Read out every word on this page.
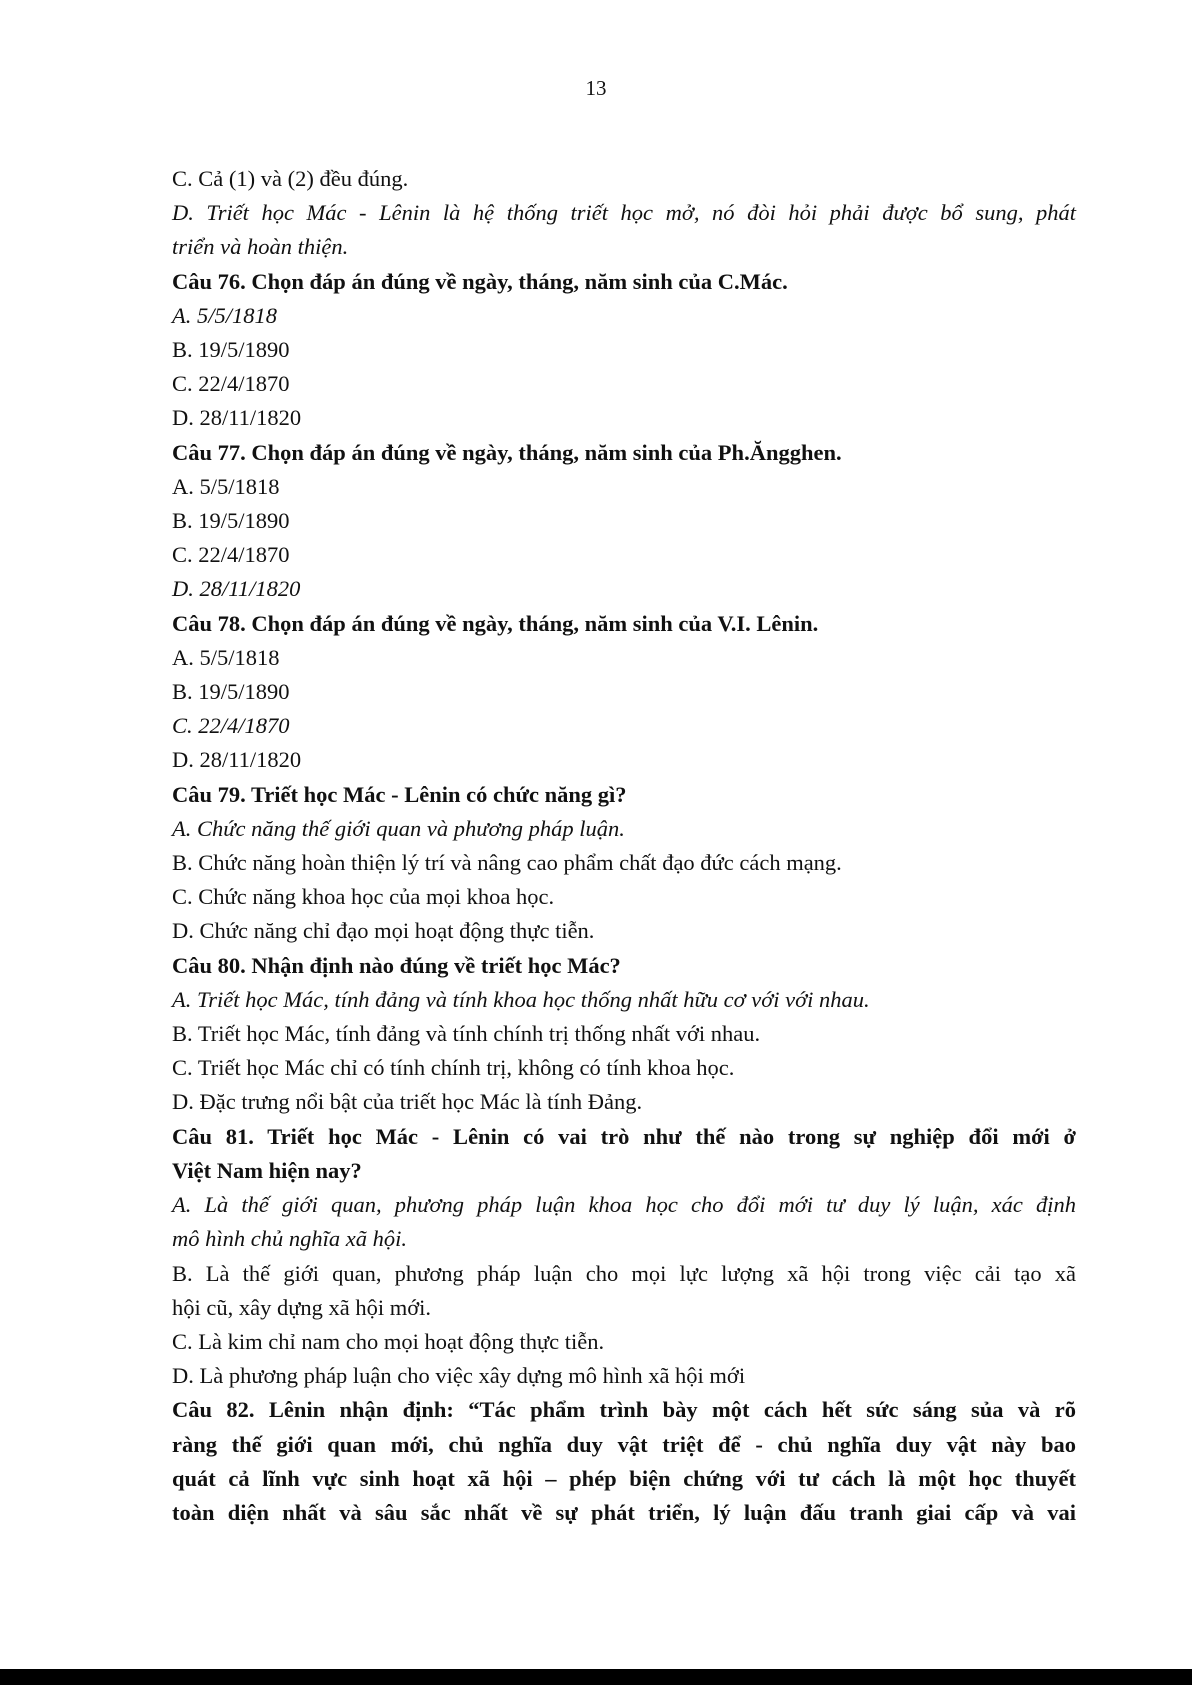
13
C. Cả (1) và (2) đều đúng.
D. Triết học Mác - Lênin là hệ thống triết học mở, nó đòi hỏi phải được bổ sung, phát
triển và hoàn thiện.
Câu 76. Chọn đáp án đúng về ngày, tháng, năm sinh của C.Mác.
A. 5/5/1818
B. 19/5/1890
C. 22/4/1870
D. 28/11/1820
Câu 77. Chọn đáp án đúng về ngày, tháng, năm sinh của Ph.Ăngghen.
A. 5/5/1818
B. 19/5/1890
C. 22/4/1870
D. 28/11/1820
Câu 78. Chọn đáp án đúng về ngày, tháng, năm sinh của V.I. Lênin.
A. 5/5/1818
B. 19/5/1890
C. 22/4/1870
D. 28/11/1820
Câu 79. Triết học Mác - Lênin có chức năng gì?
A. Chức năng thế giới quan và phương pháp luận.
B. Chức năng hoàn thiện lý trí và nâng cao phẩm chất đạo đức cách mạng.
C. Chức năng khoa học của mọi khoa học.
D. Chức năng chỉ đạo mọi hoạt động thực tiễn.
Câu 80. Nhận định nào đúng về triết học Mác?
A. Triết học Mác, tính đảng và tính khoa học thống nhất hữu cơ với với nhau.
B. Triết học Mác, tính đảng và tính chính trị thống nhất với nhau.
C. Triết học Mác chỉ có tính chính trị, không có tính khoa học.
D. Đặc trưng nổi bật của triết học Mác là tính Đảng.
Câu 81. Triết học Mác - Lênin có vai trò như thế nào trong sự nghiệp đổi mới ở
Việt Nam hiện nay?
A. Là thế giới quan, phương pháp luận khoa học cho đổi mới tư duy lý luận, xác định
mô hình chủ nghĩa xã hội.
B. Là thế giới quan, phương pháp luận cho mọi lực lượng xã hội trong việc cải tạo xã
hội cũ, xây dựng xã hội mới.
C. Là kim chỉ nam cho mọi hoạt động thực tiễn.
D. Là phương pháp luận cho việc xây dựng mô hình xã hội mới
Câu 82. Lênin nhận định: “Tác phẩm trình bày một cách hết sức sáng sủa và rõ
ràng thế giới quan mới, chủ nghĩa duy vật triệt để - chủ nghĩa duy vật này bao
quát cả lĩnh vực sinh hoạt xã hội – phép biện chứng với tư cách là một học thuyết
toàn diện nhất và sâu sắc nhất về sự phát triển, lý luận đấu tranh giai cấp và vai
